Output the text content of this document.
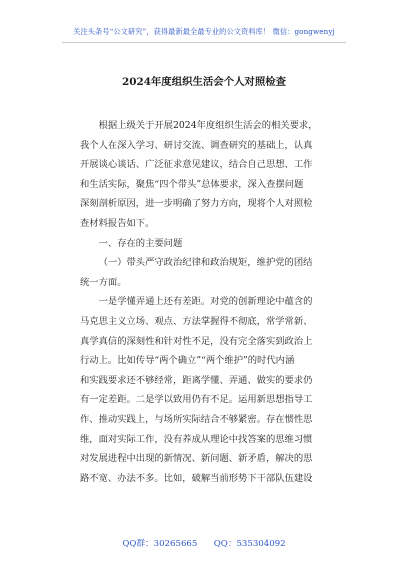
关注头条号“公文研究”，获得最新最全最专业的公文资料库！ 微信：gongwenyj
2024年度组织生活会个人对照检查

根据上级关于开展2024年度组织生活会的相关要求，
我个人在深入学习、研讨交流、调查研究的基础上，认真
开展谈心谈话、广泛征求意见建议，结合自己思想、工作
和生活实际，聚焦“四个带头”总体要求，深入查摆问题
深刻剖析原因，进一步明确了努力方向，现将个人对照检
查材料报告如下。

一、存在的主要问题

（一）带头严守政治纪律和政治规矩，维护党的团结
统一方面。

一是学懂弄通上还有差距。对党的创新理论中蕴含的
马克思主义立场、观点、方法掌握得不彻底，常学常新、
真学真信的深刻性和针对性不足，没有完全落实到政治上
行动上。比如传导“两个确立”“两个维护”的时代内涵
和实践要求还不够经常，距离学懂、弄通、做实的要求仍
有一定差距。二是学以致用仍有不足。运用新思想指导工
作、推动实践上，与场所实际结合不够紧密。存在惯性思
维，面对实际工作，没有养成从理论中找答案的思维习惯
对发展进程中出现的新情况、新问题、新矛盾，解决的思
路不宽、办法不多。比如，破解当前形势下干部队伍建设

QQ群：30265665      QQ：535304092
